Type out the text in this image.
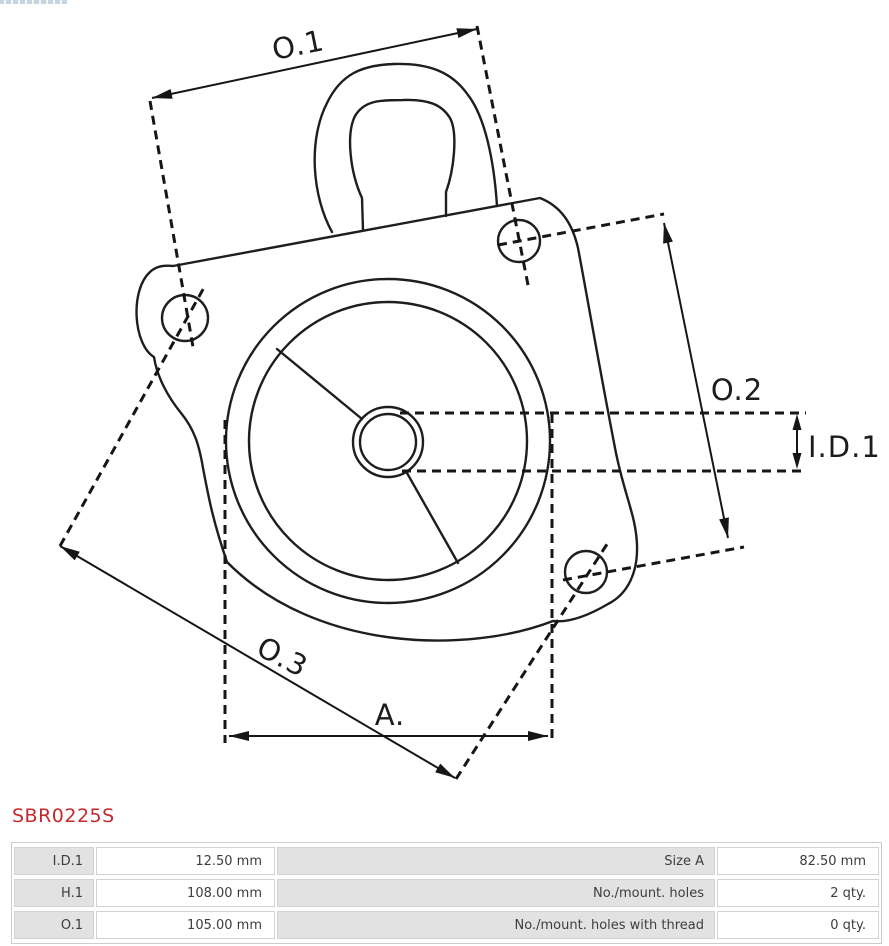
O.1
O.2
I.D.1
O.3
A.
SBR0225S
I.D.1	12.50 mm	Size A	82.50 mm
H.1	108.00 mm	No./mount. holes	2 qty.
O.1	105.00 mm	No./mount. holes with thread	0 qty.
